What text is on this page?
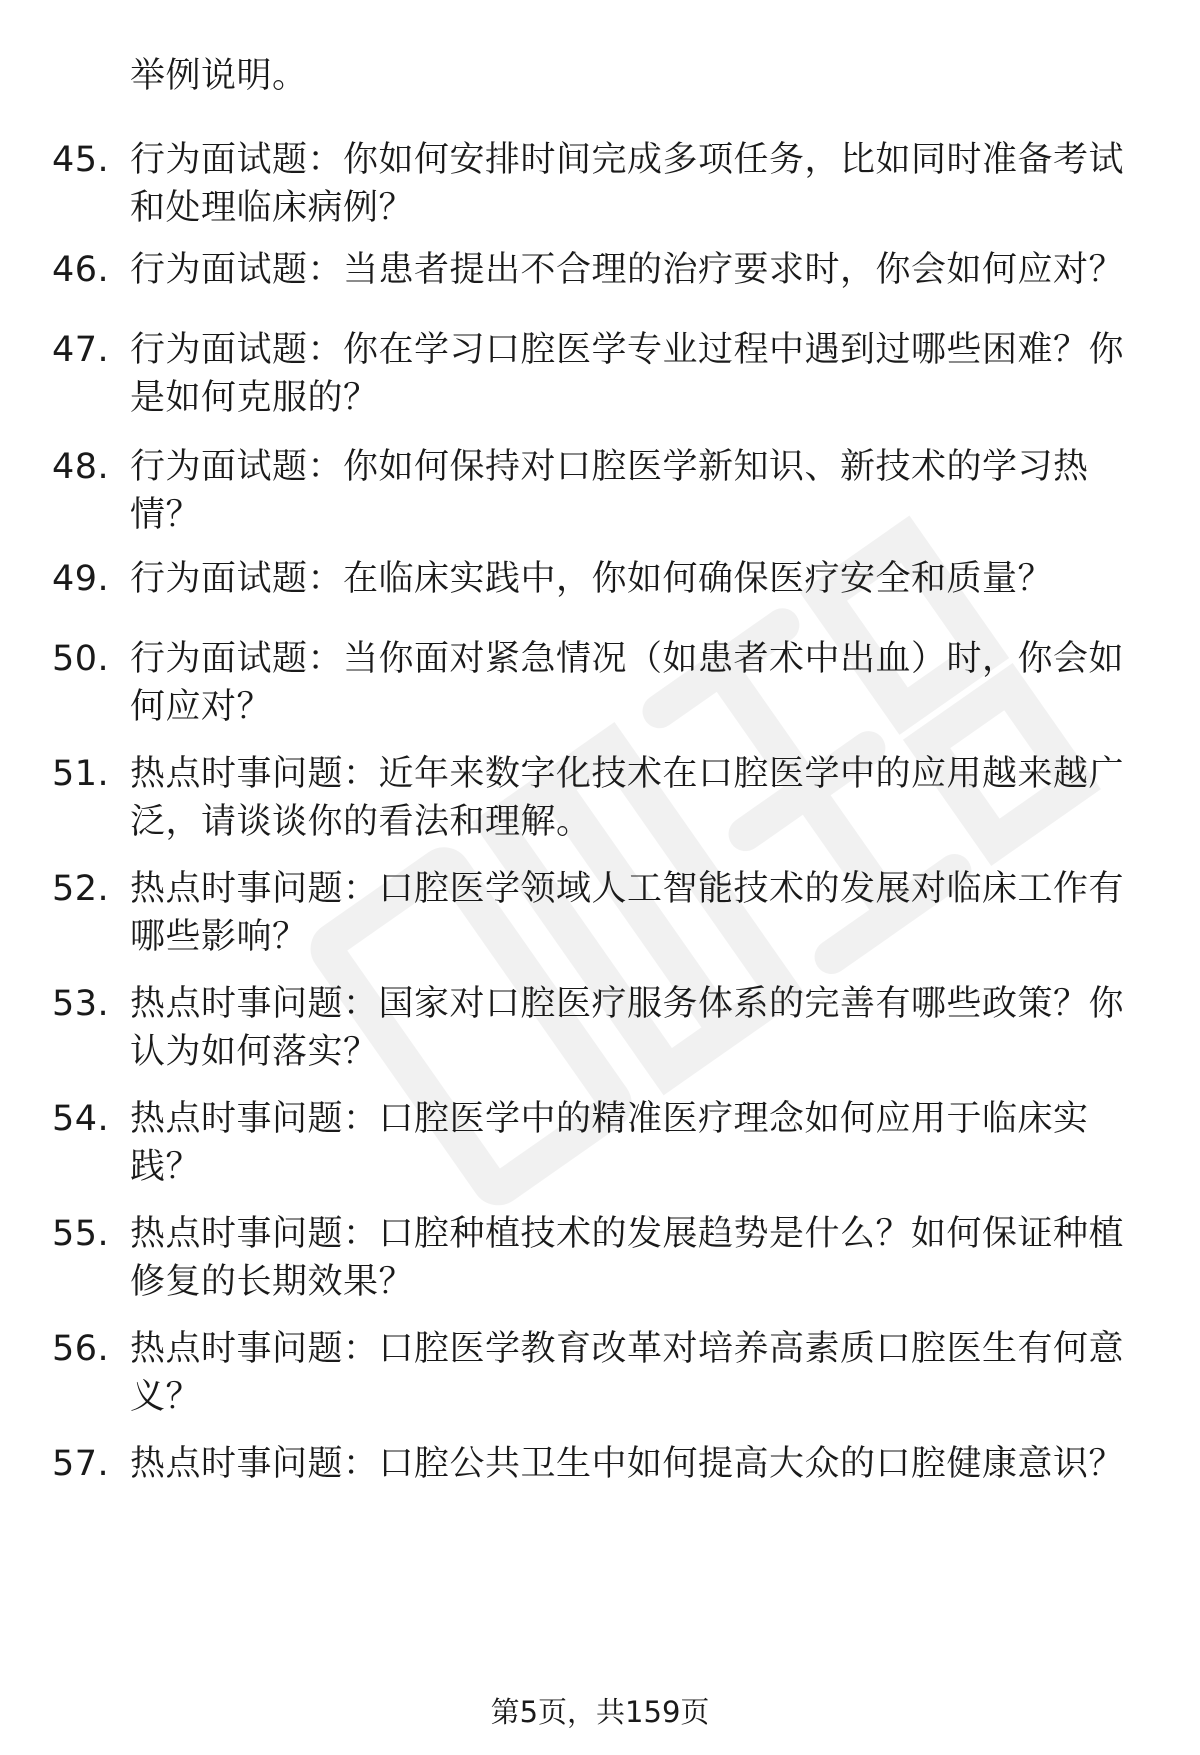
举例说明。
45. 行为面试题：你如何安排时间完成多项任务，比如同时准备考试
和处理临床病例？
46. 行为面试题：当患者提出不合理的治疗要求时，你会如何应对？
47. 行为面试题：你在学习口腔医学专业过程中遇到过哪些困难？你
是如何克服的？
48. 行为面试题：你如何保持对口腔医学新知识、新技术的学习热
情？
49. 行为面试题：在临床实践中，你如何确保医疗安全和质量？
50. 行为面试题：当你面对紧急情况（如患者术中出血）时，你会如
何应对？
51. 热点时事问题：近年来数字化技术在口腔医学中的应用越来越广
泛，请谈谈你的看法和理解。
52. 热点时事问题：口腔医学领域人工智能技术的发展对临床工作有
哪些影响？
53. 热点时事问题：国家对口腔医疗服务体系的完善有哪些政策？你
认为如何落实？
54. 热点时事问题：口腔医学中的精准医疗理念如何应用于临床实
践？
55. 热点时事问题：口腔种植技术的发展趋势是什么？如何保证种植
修复的长期效果？
56. 热点时事问题：口腔医学教育改革对培养高素质口腔医生有何意
义？
57. 热点时事问题：口腔公共卫生中如何提高大众的口腔健康意识？
第5页，共159页
